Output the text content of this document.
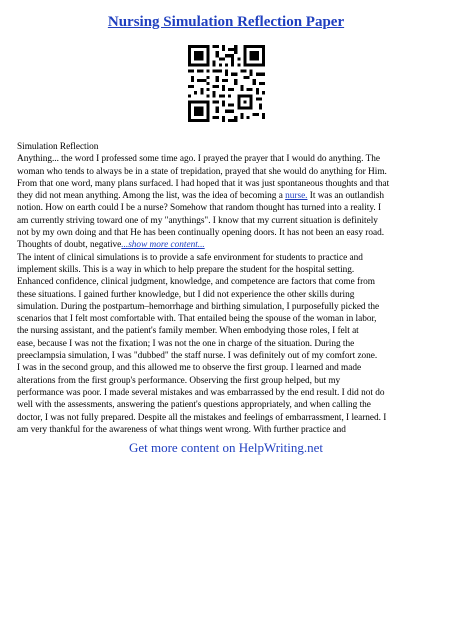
Nursing Simulation Reflection Paper
Simulation Reflection
Anything... the word I professed some time ago. I prayed the prayer that I would do anything. The
woman who tends to always be in a state of trepidation, prayed that she would do anything for Him.
From that one word, many plans surfaced. I had hoped that it was just spontaneous thoughts and that
they did not mean anything. Among the list, was the idea of becoming a nurse. It was an outlandish
notion. How on earth could I be a nurse? Somehow that random thought has turned into a reality. I
am currently striving toward one of my "anythings". I know that my current situation is definitely
not by my own doing and that He has been continually opening doors. It has not been an easy road.
Thoughts of doubt, negative...show more content...
The intent of clinical simulations is to provide a safe environment for students to practice and
implement skills. This is a way in which to help prepare the student for the hospital setting.
Enhanced confidence, clinical judgment, knowledge, and competence are factors that come from
these situations. I gained further knowledge, but I did not experience the other skills during
simulation. During the postpartum–hemorrhage and birthing simulation, I purposefully picked the
scenarios that I felt most comfortable with. That entailed being the spouse of the woman in labor,
the nursing assistant, and the patient's family member. When embodying those roles, I felt at
ease, because I was not the fixation; I was not the one in charge of the situation. During the
preeclampsia simulation, I was "dubbed" the staff nurse. I was definitely out of my comfort zone.
I was in the second group, and this allowed me to observe the first group. I learned and made
alterations from the first group's performance. Observing the first group helped, but my
performance was poor. I made several mistakes and was embarrassed by the end result. I did not do
well with the assessments, answering the patient's questions appropriately, and when calling the
doctor, I was not fully prepared. Despite all the mistakes and feelings of embarrassment, I learned. I
am very thankful for the awareness of what things went wrong. With further practice and
Get more content on HelpWriting.net
